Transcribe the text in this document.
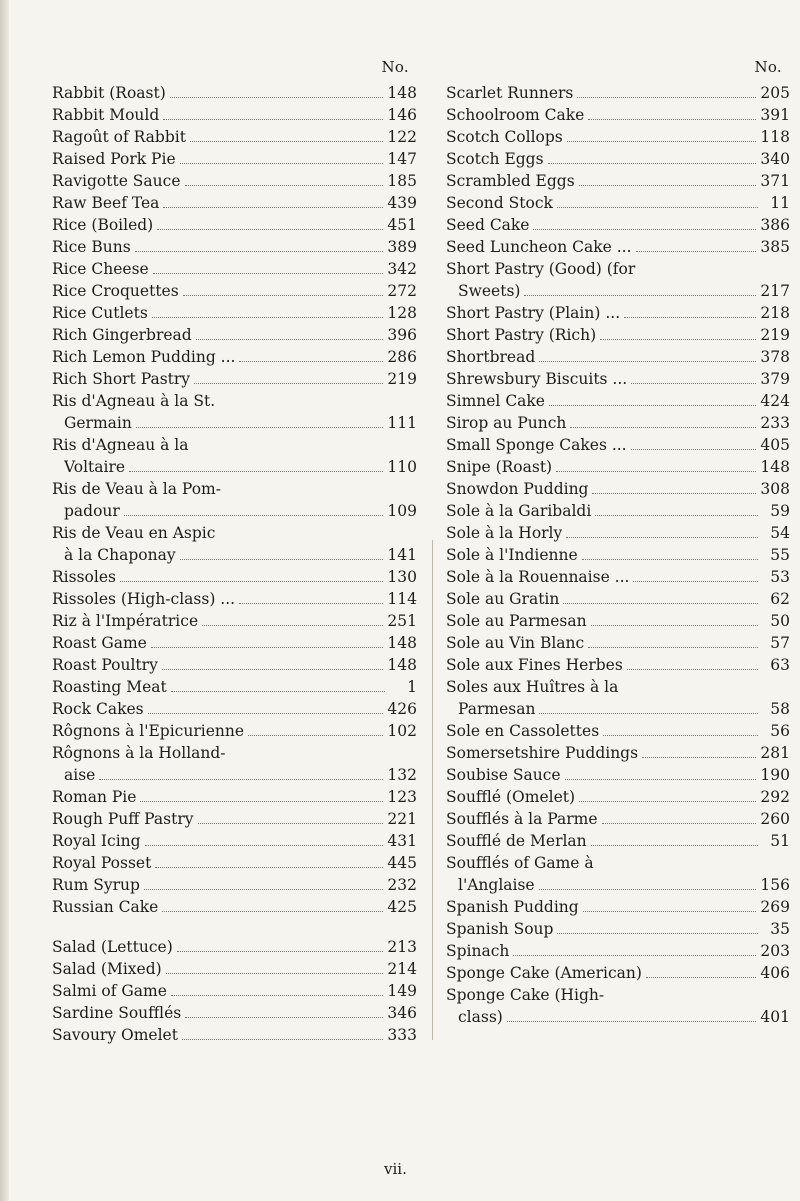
No.
Rabbit (Roast)	148
Rabbit Mould	146
Ragoût of Rabbit	122
Raised Pork Pie	147
Ravigotte Sauce	185
Raw Beef Tea	439
Rice (Boiled)	451
Rice Buns	389
Rice Cheese	342
Rice Croquettes	272
Rice Cutlets	128
Rich Gingerbread	396
Rich Lemon Pudding ...	286
Rich Short Pastry	219
Ris d'Agneau à la St.
Germain	111
Ris d'Agneau à la
Voltaire	110
Ris de Veau à la Pom-
padour	109
Ris de Veau en Aspic
à la Chaponay	141
Rissoles	130
Rissoles (High-class) ...	114
Riz à l'Impératrice	251
Roast Game	148
Roast Poultry	148
Roasting Meat	1
Rock Cakes	426
Rôgnons à l'Epicurienne	102
Rôgnons à la Holland-
aise	132
Roman Pie	123
Rough Puff Pastry	221
Royal Icing	431
Royal Posset	445
Rum Syrup	232
Russian Cake	425
Salad (Lettuce)	213
Salad (Mixed)	214
Salmi of Game	149
Sardine Soufflés	346
Savoury Omelet	333
No.
Scarlet Runners	205
Schoolroom Cake	391
Scotch Collops	118
Scotch Eggs	340
Scrambled Eggs	371
Second Stock	11
Seed Cake	386
Seed Luncheon Cake ...	385
Short Pastry (Good) (for
Sweets)	217
Short Pastry (Plain) ...	218
Short Pastry (Rich)	219
Shortbread	378
Shrewsbury Biscuits ...	379
Simnel Cake	424
Sirop au Punch	233
Small Sponge Cakes ...	405
Snipe (Roast)	148
Snowdon Pudding	308
Sole à la Garibaldi	59
Sole à la Horly	54
Sole à l'Indienne	55
Sole à la Rouennaise ...	53
Sole au Gratin	62
Sole au Parmesan	50
Sole au Vin Blanc	57
Sole aux Fines Herbes	63
Soles aux Huîtres à la
Parmesan	58
Sole en Cassolettes	56
Somersetshire Puddings	281
Soubise Sauce	190
Soufflé (Omelet)	292
Soufflés à la Parme	260
Soufflé de Merlan	51
Soufflés of Game à
l'Anglaise	156
Spanish Pudding	269
Spanish Soup	35
Spinach	203
Sponge Cake (American)	406
Sponge Cake (High-
class)	401
vii.
